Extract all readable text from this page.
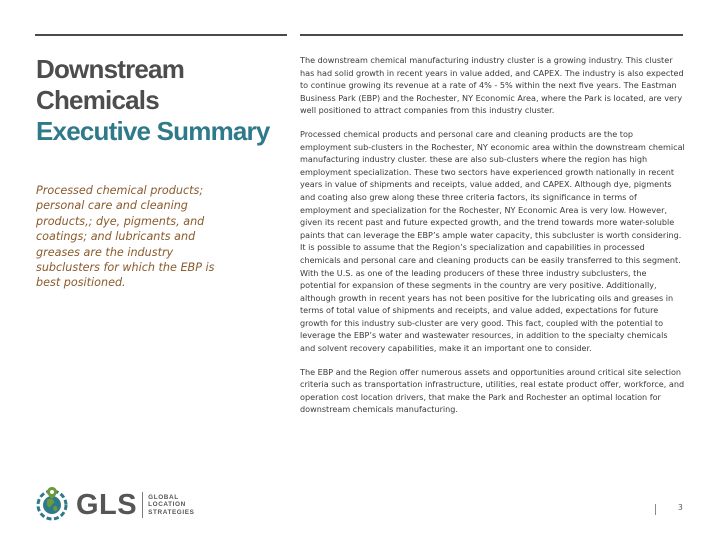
Downstream
Chemicals
Executive Summary

Processed chemical products; personal care and cleaning products,; dye, pigments, and coatings; and lubricants and greases are the industry subclusters for which the EBP is best positioned.

The downstream chemical manufacturing industry cluster is a growing industry. This cluster has had solid growth in recent years in value added, and CAPEX. The industry is also expected to continue growing its revenue at a rate of 4% - 5% within the next five years. The Eastman Business Park (EBP) and the Rochester, NY Economic Area, where the Park is located, are very well positioned to attract companies from this industry cluster.

Processed chemical products and personal care and cleaning products are the top employment sub-clusters in the Rochester, NY economic area within the downstream chemical manufacturing industry cluster. these are also sub-clusters where the region has high employment specialization. These two sectors have experienced growth nationally in recent years in value of shipments and receipts, value added, and CAPEX. Although dye, pigments and coating also grew along these three criteria factors, its significance in terms of employment and specialization for the Rochester, NY Economic Area is very low. However, given its recent past and future expected growth, and the trend towards more water-soluble paints that can leverage the EBP’s ample water capacity, this subcluster is worth considering. It is possible to assume that the Region’s specialization and capabilities in processed chemicals and personal care and cleaning products can be easily transferred to this segment. With the U.S. as one of the leading producers of these three industry subclusters, the potential for expansion of these segments in the country are very positive. Additionally, although growth in recent years has not been positive for the lubricating oils and greases in terms of total value of shipments and receipts, and value added, expectations for future growth for this industry sub-cluster are very good. This fact, coupled with the potential to leverage the EBP’s water and wastewater resources, in addition to the specialty chemicals and solvent recovery capabilities, make it an important one to consider.

The EBP and the Region offer numerous assets and opportunities around critical site selection criteria such as transportation infrastructure, utilities, real estate product offer, workforce, and operation cost location drivers, that make the Park and Rochester an optimal location for downstream chemicals manufacturing.

GLS GLOBAL
LOCATION
STRATEGIES
3
